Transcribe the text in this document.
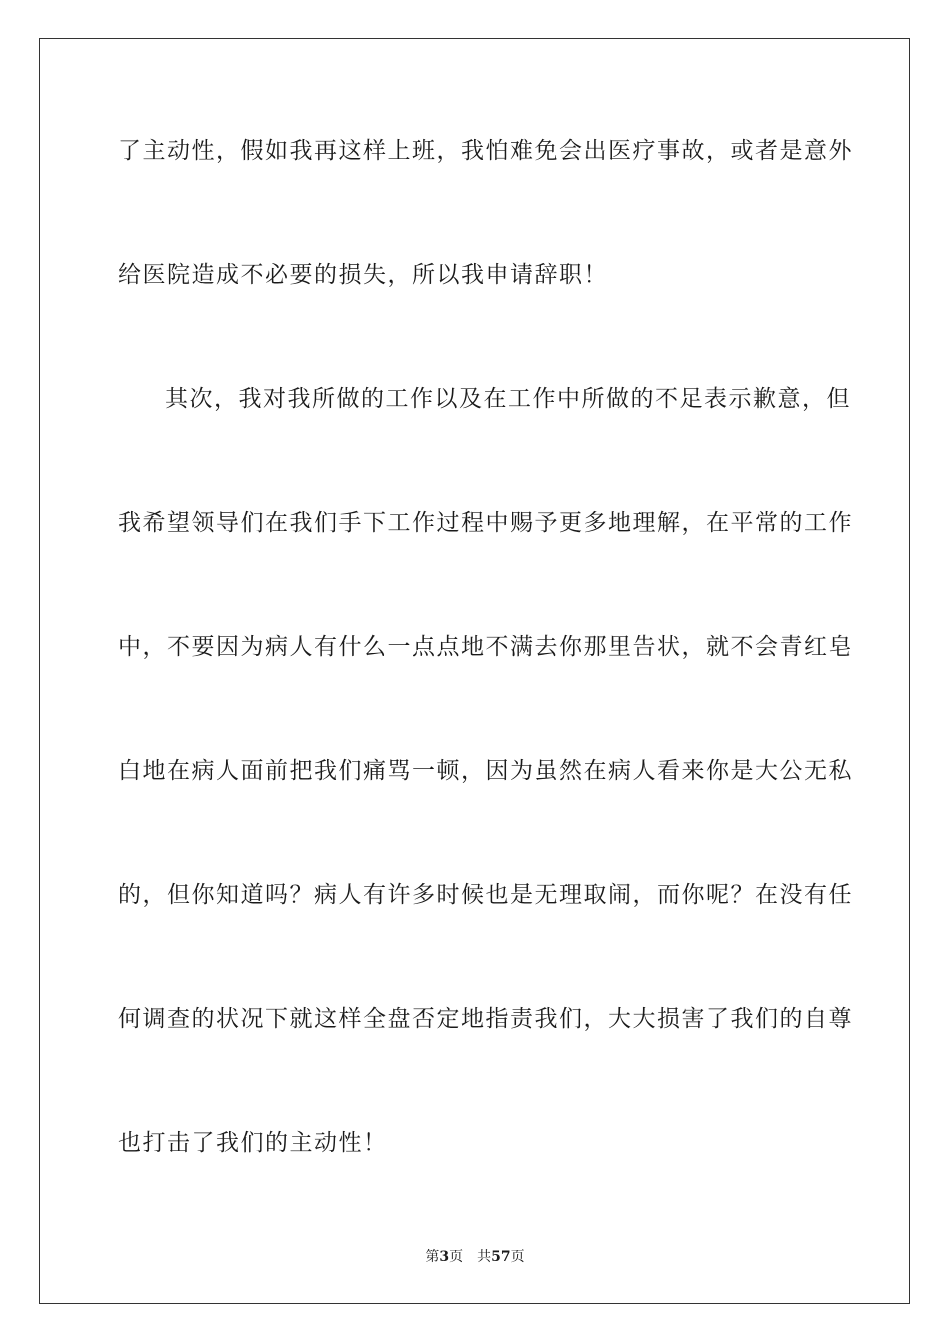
了主动性，假如我再这样上班，我怕难免会出医疗事故，或者是意外
给医院造成不必要的损失，所以我申请辞职！
其次，我对我所做的工作以及在工作中所做的不足表示歉意，但
我希望领导们在我们手下工作过程中赐予更多地理解，在平常的工作
中，不要因为病人有什么一点点地不满去你那里告状，就不会青红皂
白地在病人面前把我们痛骂一顿，因为虽然在病人看来你是大公无私
的，但你知道吗？病人有许多时候也是无理取闹，而你呢？在没有任
何调查的状况下就这样全盘否定地指责我们，大大损害了我们的自尊
也打击了我们的主动性！
第3页 共57页
